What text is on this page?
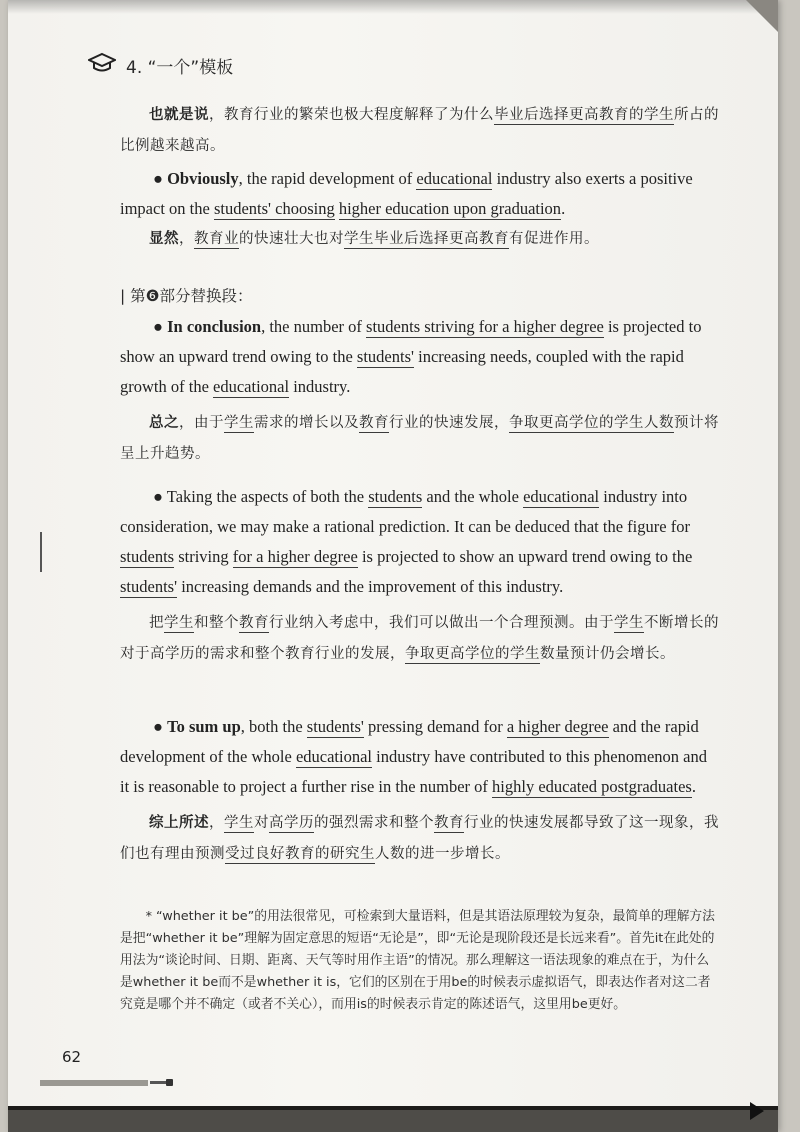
4. “一个”模板

也就是说，教育行业的繁荣也极大程度解释了为什么毕业后选择更高教育的学生所占的比例越来越高。

● Obviously, the rapid development of educational industry also exerts a positive impact on the students' choosing higher education upon graduation.

显然，教育业的快速壮大也对学生毕业后选择更高教育有促进作用。

| 第❻部分替换段：

● In conclusion, the number of students striving for a higher degree is projected to show an upward trend owing to the students' increasing needs, coupled with the rapid growth of the educational industry.

总之，由于学生需求的增长以及教育行业的快速发展，争取更高学位的学生人数预计将呈上升趋势。

● Taking the aspects of both the students and the whole educational industry into consideration, we may make a rational prediction. It can be deduced that the figure for students striving for a higher degree is projected to show an upward trend owing to the students' increasing demands and the improvement of this industry.

把学生和整个教育行业纳入考虑中，我们可以做出一个合理预测。由于学生不断增长的对于高学历的需求和整个教育行业的发展，争取更高学位的学生数量预计仍会增长。

● To sum up, both the students' pressing demand for a higher degree and the rapid development of the whole educational industry have contributed to this phenomenon and it is reasonable to project a further rise in the number of highly educated postgraduates.

综上所述，学生对高学历的强烈需求和整个教育行业的快速发展都导致了这一现象，我们也有理由预测受过良好教育的研究生人数的进一步增长。

* “whether it be”的用法很常见，可检索到大量语料，但是其语法原理较为复杂，最简单的理解方法是把“whether it be”理解为固定意思的短语“无论是”，即“无论是现阶段还是长远来看”。首先it在此处的用法为“谈论时间、日期、距离、天气等时用作主语”的情况。那么理解这一语法现象的难点在于，为什么是whether it be而不是whether it is，它们的区别在于用be的时候表示虚拟语气，即表达作者对这二者究竟是哪个并不确定（或者不关心），而用is的时候表示肯定的陈述语气，这里用be更好。

62
